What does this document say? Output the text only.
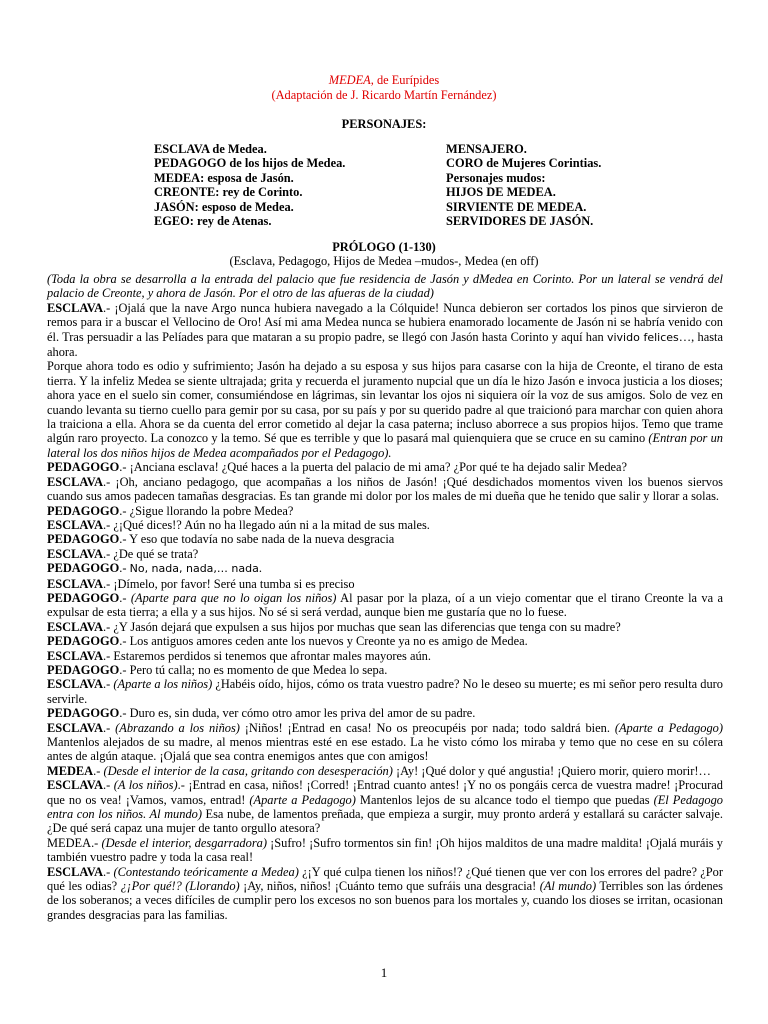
MEDEA, de Eurípides
(Adaptación de J. Ricardo Martín Fernández)
PERSONAJES:
ESCLAVA de Medea.
PEDAGOGO de los hijos de Medea.
MEDEA: esposa de Jasón.
CREONTE: rey de Corinto.
JASÓN: esposo de Medea.
EGEO: rey de Atenas.
MENSAJERO.
CORO de Mujeres Corintias.
Personajes mudos:
HIJOS DE MEDEA.
SIRVIENTE DE MEDEA.
SERVIDORES DE JASÓN.
PRÓLOGO (1-130)
(Esclava, Pedagogo, Hijos de Medea –mudos-, Medea (en off)

(Toda la obra se desarrolla a la entrada del palacio que fue residencia de Jasón y dMedea en Corinto. Por un lateral se vendrá del palacio de Creonte, y ahora de Jasón. Por el otro de las afueras de la ciudad)

ESCLAVA.- ¡Ojalá que la nave Argo nunca hubiera navegado a la Cólquide! Nunca debieron ser cortados los pinos que sirvieron de remos para ir a buscar el Vellocino de Oro! Así mi ama Medea nunca se hubiera enamorado locamente de Jasón ni se habría venido con él. Tras persuadir a las Pelíades para que mataran a su propio padre, se llegó con Jasón hasta Corinto y aquí han vivido felices…, hasta ahora.

Porque ahora todo es odio y sufrimiento; Jasón ha dejado a su esposa y sus hijos para casarse con la hija de Creonte, el tirano de esta tierra. Y la infeliz Medea se siente ultrajada; grita y recuerda el juramento nupcial que un día le hizo Jasón e invoca justicia a los dioses; ahora yace en el suelo sin comer, consumiéndose en lágrimas, sin levantar los ojos ni siquiera oír la voz de sus amigos. Solo de vez en cuando levanta su tierno cuello para gemir por su casa, por su país y por su querido padre al que traicionó para marchar con quien ahora la traiciona a ella. Ahora se da cuenta del error cometido al dejar la casa paterna; incluso aborrece a sus propios hijos. Temo que trame algún raro proyecto. La conozco y la temo. Sé que es terrible y que lo pasará mal quienquiera que se cruce en su camino (Entran por un lateral los dos niños hijos de Medea acompañados por el Pedagogo).

PEDAGOGO.- ¡Anciana esclava! ¿Qué haces a la puerta del palacio de mi ama? ¿Por qué te ha dejado salir Medea?

ESCLAVA.- ¡Oh, anciano pedagogo, que acompañas a los niños de Jasón! ¡Qué desdichados momentos viven los buenos siervos cuando sus amos padecen tamañas desgracias. Es tan grande mi dolor por los males de mi dueña que he tenido que salir y llorar a solas.

PEDAGOGO.- ¿Sigue llorando la pobre Medea?

ESCLAVA.- ¿¡Qué dices!? Aún no ha llegado aún ni a la mitad de sus males.

PEDAGOGO.- Y eso que todavía no sabe nada de la nueva desgracia

ESCLAVA.- ¿De qué se trata?

PEDAGOGO.- No, nada, nada,… nada.

ESCLAVA.- ¡Dímelo, por favor! Seré una tumba si es preciso

PEDAGOGO.- (Aparte para que no lo oigan los niños) Al pasar por la plaza, oí a un viejo comentar que el tirano Creonte la va a expulsar de esta tierra; a ella y a sus hijos. No sé si será verdad, aunque bien me gustaría que no lo fuese.

ESCLAVA.- ¿Y Jasón dejará que expulsen a sus hijos por muchas que sean las diferencias que tenga con su madre?

PEDAGOGO.- Los antiguos amores ceden ante los nuevos y Creonte ya no es amigo de Medea.

ESCLAVA.- Estaremos perdidos si tenemos que afrontar males mayores aún.

PEDAGOGO.- Pero tú calla; no es momento de que Medea lo sepa.

ESCLAVA.- (Aparte a los niños) ¿Habéis oído, hijos, cómo os trata vuestro padre? No le deseo su muerte; es mi señor pero resulta duro servirle.

PEDAGOGO.- Duro es, sin duda, ver cómo otro amor les priva del amor de su padre.

ESCLAVA.- (Abrazando a los niños) ¡Niños! ¡Entrad en casa! No os preocupéis por nada; todo saldrá bien. (Aparte a Pedagogo) Mantenlos alejados de su madre, al menos mientras esté en ese estado. La he visto cómo los miraba y temo que no cese en su cólera antes de algún ataque. ¡Ojalá que sea contra enemigos antes que con amigos!

MEDEA.- (Desde el interior de la casa, gritando con desesperación) ¡Ay! ¡Qué dolor y qué angustia! ¡Quiero morir, quiero morir!…

ESCLAVA.- (A los niños).- ¡Entrad en casa, niños! ¡Corred! ¡Entrad cuanto antes! ¡Y no os pongáis cerca de vuestra madre! ¡Procurad que no os vea! ¡Vamos, vamos, entrad! (Aparte a Pedagogo) Mantenlos lejos de su alcance todo el tiempo que puedas (El Pedagogo entra con los niños. Al mundo) Esa nube, de lamentos preñada, que empieza a surgir, muy pronto arderá y estallará su carácter salvaje. ¿De qué será capaz una mujer de tanto orgullo atesora?

MEDEA.- (Desde el interior, desgarradora) ¡Sufro! ¡Sufro tormentos sin fin! ¡Oh hijos malditos de una madre maldita! ¡Ojalá muráis y también vuestro padre y toda la casa real!

ESCLAVA.- (Contestando teóricamente a Medea) ¿¡Y qué culpa tienen los niños!? ¿Qué tienen que ver con los errores del padre? ¿Por qué les odias? ¿¡Por qué!? (Llorando) ¡Ay, niños, niños! ¡Cuánto temo que sufráis una desgracia! (Al mundo) Terribles son las órdenes de los soberanos; a veces difíciles de cumplir pero los excesos no son buenos para los mortales y, cuando los dioses se irritan, ocasionan grandes desgracias para las familias.

1
